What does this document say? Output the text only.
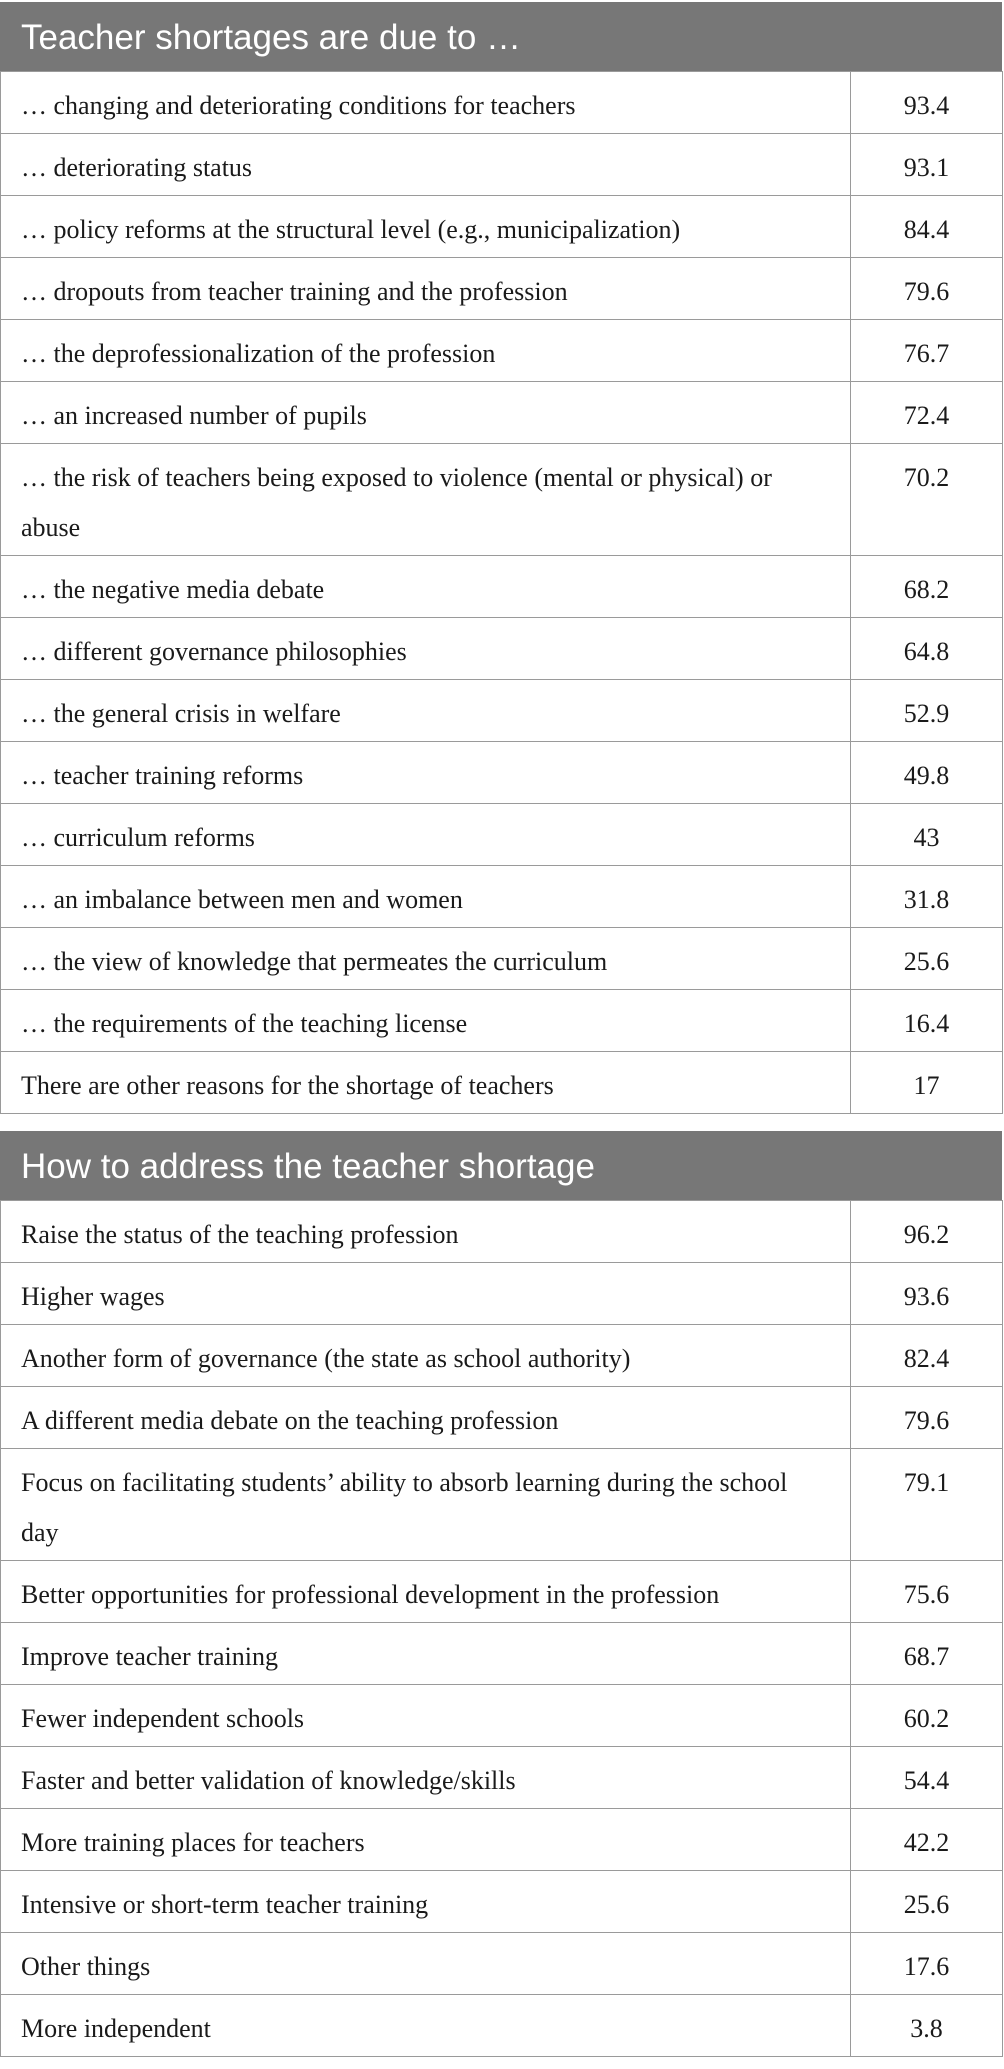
Teacher shortages are due to …
… changing and deteriorating conditions for teachers	93.4
… deteriorating status	93.1
… policy reforms at the structural level (e.g., municipalization)	84.4
… dropouts from teacher training and the profession	79.6
… the deprofessionalization of the profession	76.7
… an increased number of pupils	72.4
… the risk of teachers being exposed to violence (mental or physical) or abuse	70.2
… the negative media debate	68.2
… different governance philosophies	64.8
… the general crisis in welfare	52.9
… teacher training reforms	49.8
… curriculum reforms	43
… an imbalance between men and women	31.8
… the view of knowledge that permeates the curriculum	25.6
… the requirements of the teaching license	16.4
There are other reasons for the shortage of teachers	17
How to address the teacher shortage
Raise the status of the teaching profession	96.2
Higher wages	93.6
Another form of governance (the state as school authority)	82.4
A different media debate on the teaching profession	79.6
Focus on facilitating students’ ability to absorb learning during the school day	79.1
Better opportunities for professional development in the profession	75.6
Improve teacher training	68.7
Fewer independent schools	60.2
Faster and better validation of knowledge/skills	54.4
More training places for teachers	42.2
Intensive or short-term teacher training	25.6
Other things	17.6
More independent	3.8
